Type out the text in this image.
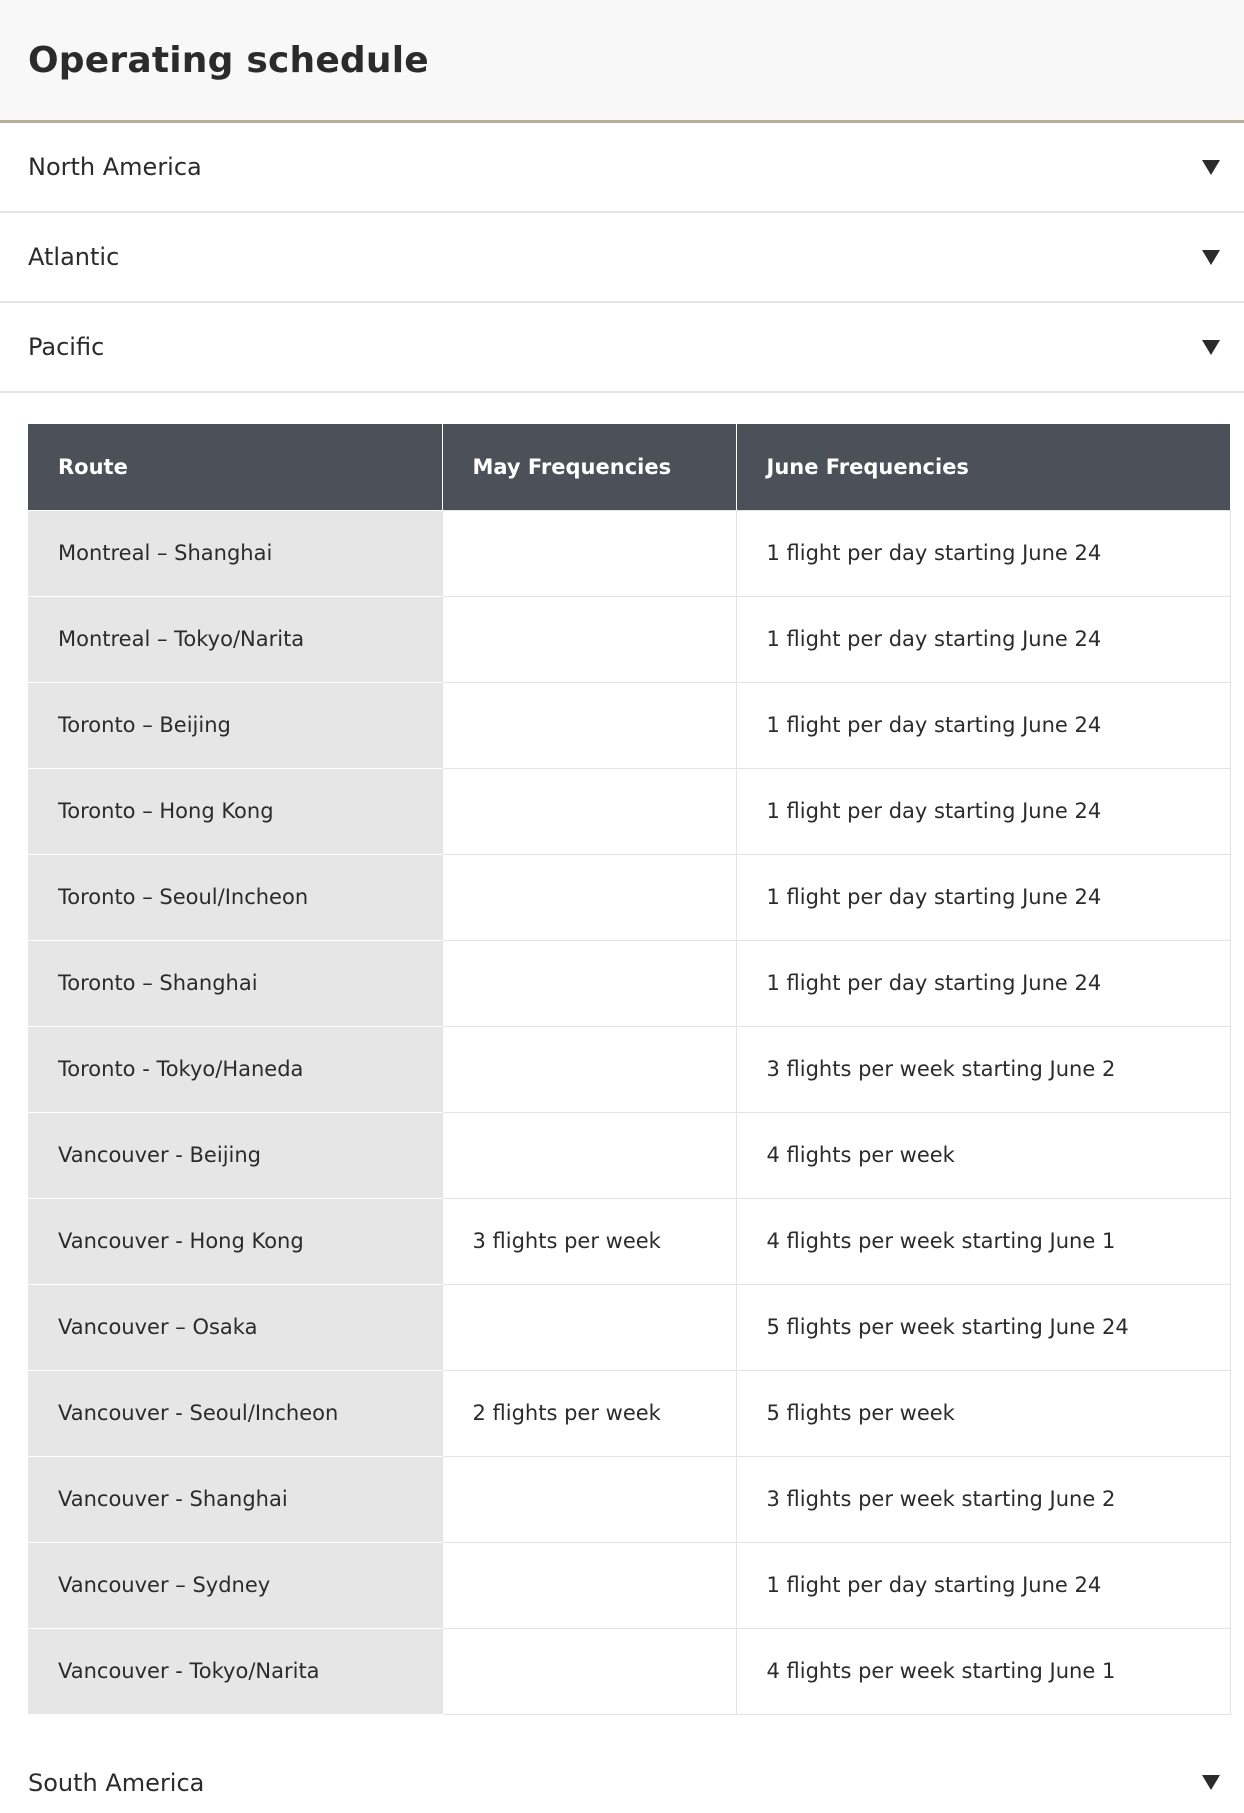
Operating schedule
North America
Atlantic
Pacific
Route	May Frequencies	June Frequencies
Montreal – Shanghai		1 flight per day starting June 24
Montreal – Tokyo/Narita		1 flight per day starting June 24
Toronto – Beijing		1 flight per day starting June 24
Toronto – Hong Kong		1 flight per day starting June 24
Toronto – Seoul/Incheon		1 flight per day starting June 24
Toronto – Shanghai		1 flight per day starting June 24
Toronto - Tokyo/Haneda		3 flights per week starting June 2
Vancouver - Beijing		4 flights per week
Vancouver - Hong Kong	3 flights per week	4 flights per week starting June 1
Vancouver – Osaka		5 flights per week starting June 24
Vancouver - Seoul/Incheon	2 flights per week	5 flights per week
Vancouver - Shanghai		3 flights per week starting June 2
Vancouver – Sydney		1 flight per day starting June 24
Vancouver - Tokyo/Narita		4 flights per week starting June 1
South America
